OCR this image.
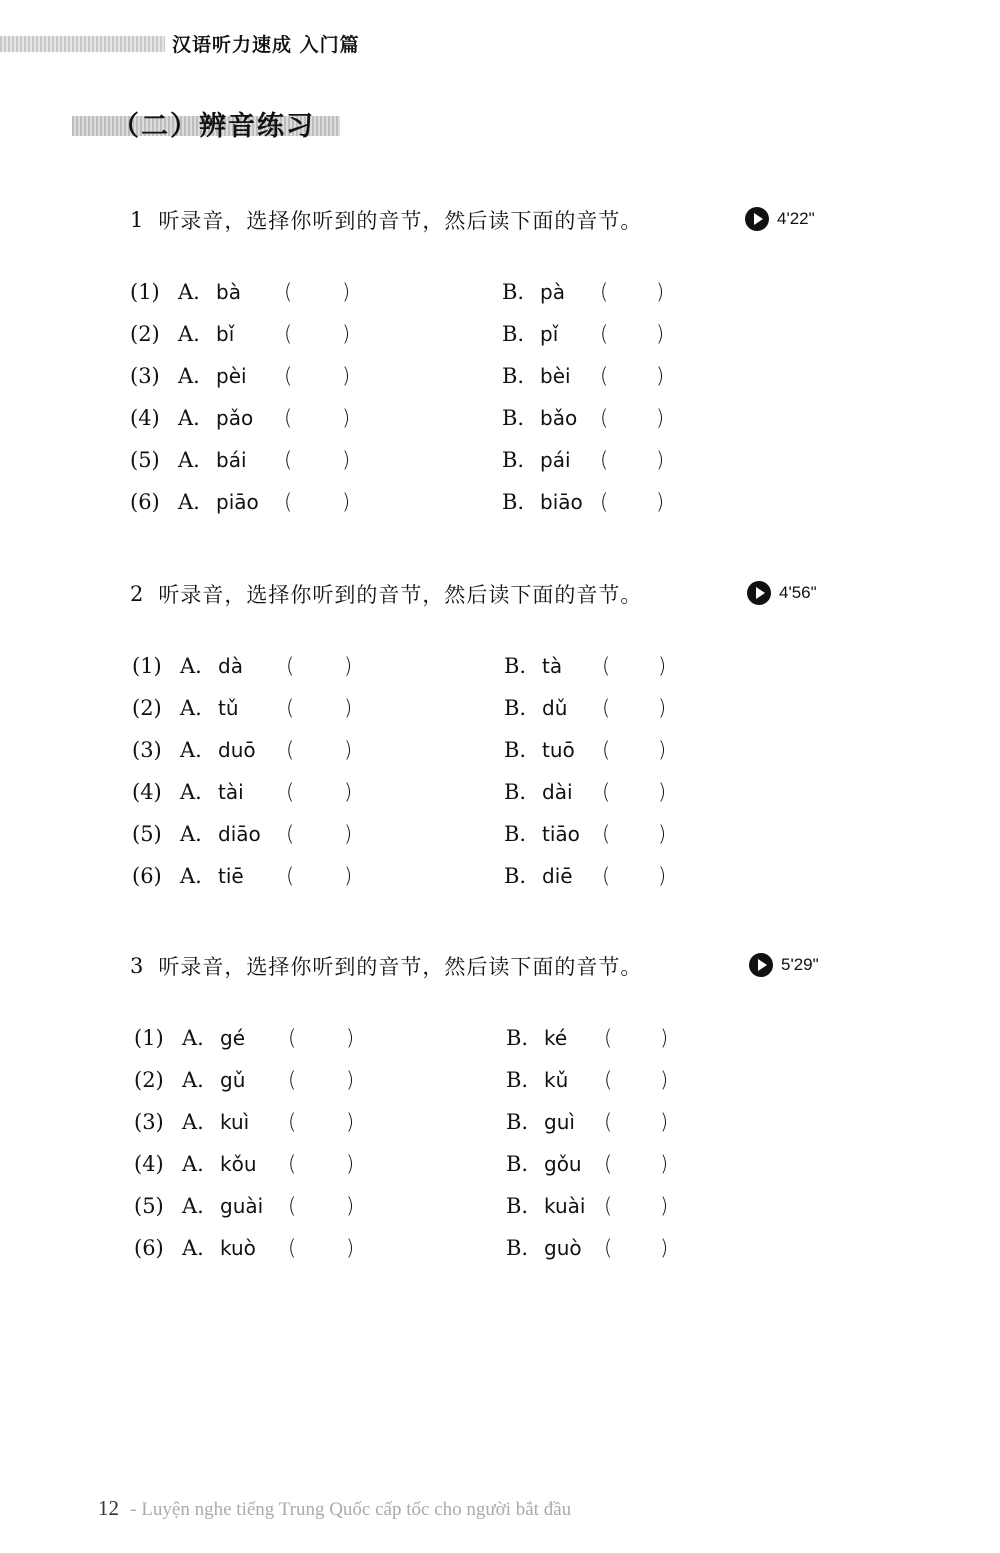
汉语听力速成 入门篇
（二）辨音练习
1 听录音，选择你听到的音节，然后读下面的音节。	4'22"
(1) A. bà ( )	B. pà ( )
(2) A. bǐ ( )	B. pǐ ( )
(3) A. pèi ( )	B. bèi ( )
(4) A. pǎo ( )	B. bǎo ( )
(5) A. bái ( )	B. pái ( )
(6) A. piāo ( )	B. biāo ( )
2 听录音，选择你听到的音节，然后读下面的音节。	4'56"
(1) A. dà ( )	B. tà ( )
(2) A. tǔ ( )	B. dǔ ( )
(3) A. duō ( )	B. tuō ( )
(4) A. tài ( )	B. dài ( )
(5) A. diāo ( )	B. tiāo ( )
(6) A. tiē ( )	B. diē ( )
3 听录音，选择你听到的音节，然后读下面的音节。	5'29"
(1) A. gé ( )	B. ké ( )
(2) A. gǔ ( )	B. kǔ ( )
(3) A. kuì ( )	B. guì ( )
(4) A. kǒu ( )	B. gǒu ( )
(5) A. guài ( )	B. kuài ( )
(6) A. kuò ( )	B. guò ( )
12 - Luyện nghe tiếng Trung Quốc cấp tốc cho người bắt đầu
